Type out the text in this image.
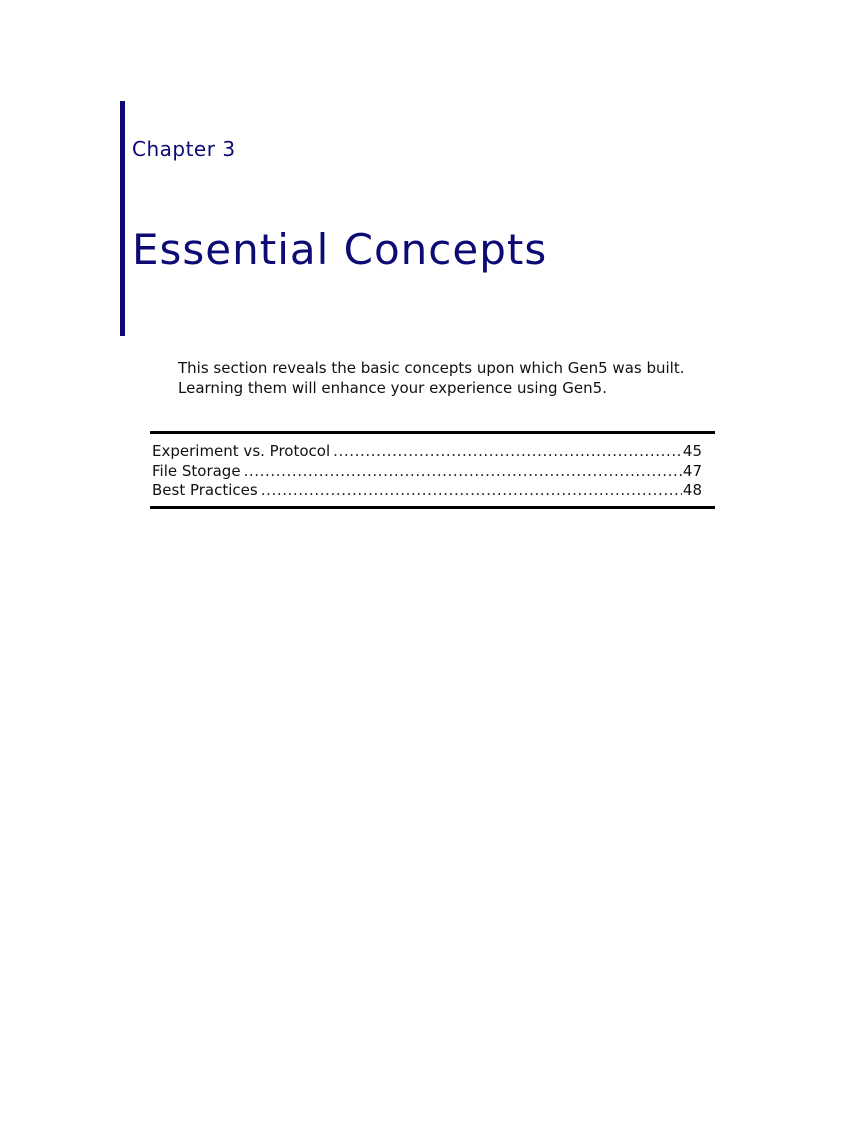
Chapter 3
Essential Concepts

This section reveals the basic concepts upon which Gen5 was built.

Learning them will enhance your experience using Gen5.

Experiment vs. Protocol .....	45
File Storage .....	47
Best Practices .....	48
